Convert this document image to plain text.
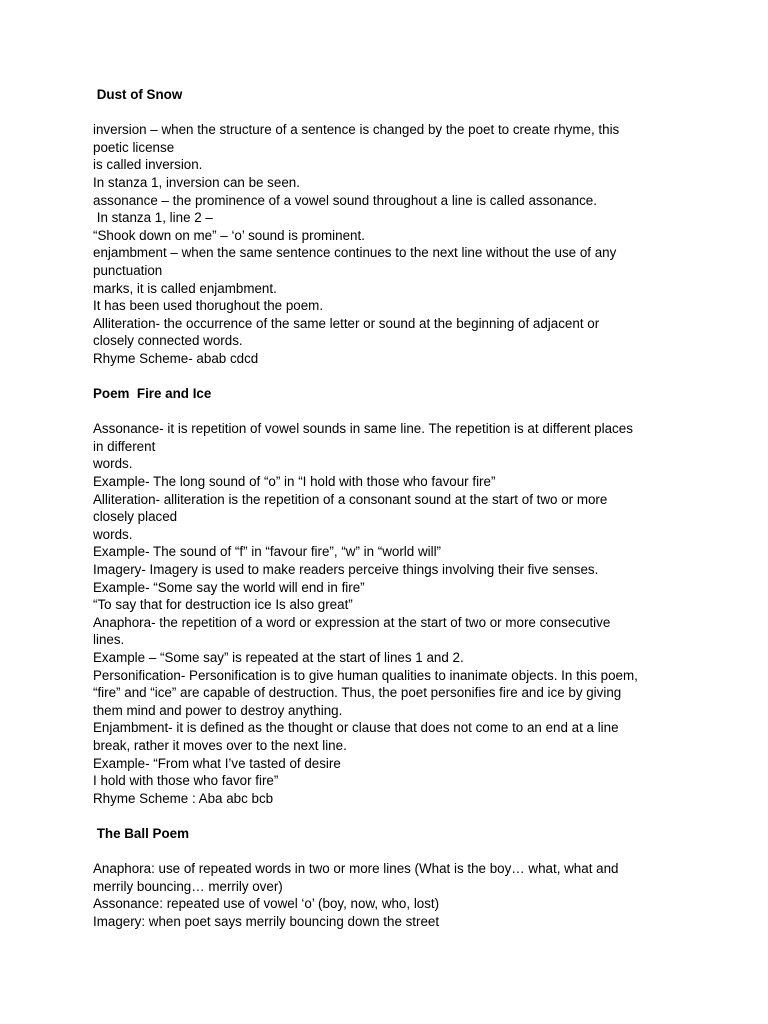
Dust of Snow

inversion – when the structure of a sentence is changed by the poet to create rhyme, this

poetic license

is called inversion.

In stanza 1, inversion can be seen.

assonance – the prominence of a vowel sound throughout a line is called assonance.

In stanza 1, line 2 –

“Shook down on me” – ‘o’ sound is prominent.

enjambment – when the same sentence continues to the next line without the use of any

punctuation

marks, it is called enjambment.

It has been used thorughout the poem.

Alliteration- the occurrence of the same letter or sound at the beginning of adjacent or

closely connected words.

Rhyme Scheme- abab cdcd

Poem  Fire and Ice

Assonance- it is repetition of vowel sounds in same line. The repetition is at different places

in different

words.

Example- The long sound of “o” in “I hold with those who favour fire”

Alliteration- alliteration is the repetition of a consonant sound at the start of two or more

closely placed

words.

Example- The sound of “f” in “favour fire”, “w” in “world will”

Imagery- Imagery is used to make readers perceive things involving their five senses.

Example- “Some say the world will end in fire”

“To say that for destruction ice Is also great”

Anaphora- the repetition of a word or expression at the start of two or more consecutive

lines.

Example – “Some say” is repeated at the start of lines 1 and 2.

Personification- Personification is to give human qualities to inanimate objects. In this poem,

“fire” and “ice” are capable of destruction. Thus, the poet personifies fire and ice by giving

them mind and power to destroy anything.

Enjambment- it is defined as the thought or clause that does not come to an end at a line

break, rather it moves over to the next line.

Example- “From what I’ve tasted of desire

I hold with those who favor fire”

Rhyme Scheme : Aba abc bcb

The Ball Poem

Anaphora: use of repeated words in two or more lines (What is the boy… what, what and

merrily bouncing… merrily over)

Assonance: repeated use of vowel ‘o’ (boy, now, who, lost)

Imagery: when poet says merrily bouncing down the street
